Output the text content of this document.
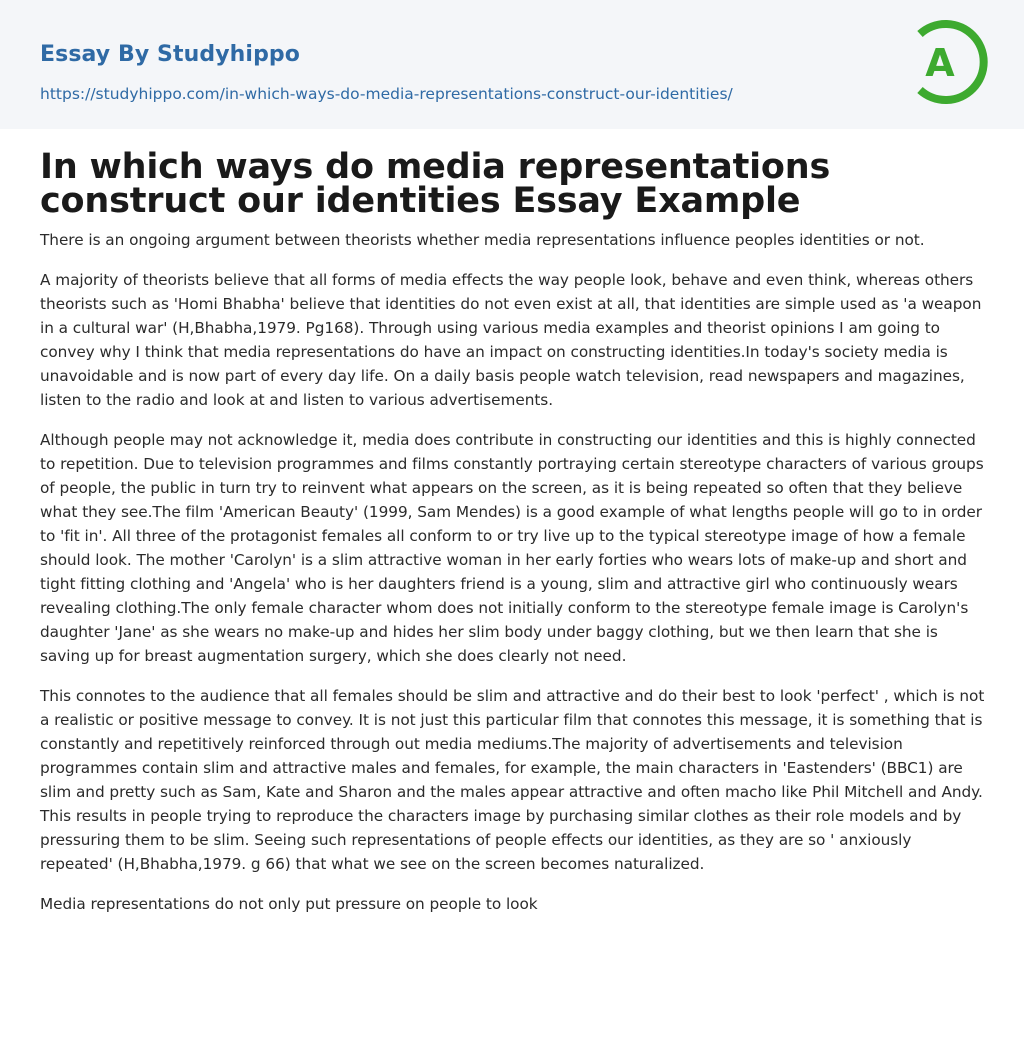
Essay By Studyhippo
https://studyhippo.com/in-which-ways-do-media-representations-construct-our-identities/
A
In which ways do media representations construct our identities Essay Example

There is an ongoing argument between theorists whether media representations influence peoples identities or not.

A majority of theorists believe that all forms of media effects the way people look, behave and even think, whereas others theorists such as 'Homi Bhabha' believe that identities do not even exist at all, that identities are simple used as 'a weapon in a cultural war' (H,Bhabha,1979. Pg168). Through using various media examples and theorist opinions I am going to convey why I think that media representations do have an impact on constructing identities.In today's society media is unavoidable and is now part of every day life. On a daily basis people watch television, read newspapers and magazines, listen to the radio and look at and listen to various advertisements.

Although people may not acknowledge it, media does contribute in constructing our identities and this is highly connected to repetition. Due to television programmes and films constantly portraying certain stereotype characters of various groups of people, the public in turn try to reinvent what appears on the screen, as it is being repeated so often that they believe what they see.The film 'American Beauty' (1999, Sam Mendes) is a good example of what lengths people will go to in order to 'fit in'. All three of the protagonist females all conform to or try live up to the typical stereotype image of how a female should look. The mother 'Carolyn' is a slim attractive woman in her early forties who wears lots of make-up and short and tight fitting clothing and 'Angela' who is her daughters friend is a young, slim and attractive girl who continuously wears revealing clothing.The only female character whom does not initially conform to the stereotype female image is Carolyn's daughter 'Jane' as she wears no make-up and hides her slim body under baggy clothing, but we then learn that she is saving up for breast augmentation surgery, which she does clearly not need.

This connotes to the audience that all females should be slim and attractive and do their best to look 'perfect' , which is not a realistic or positive message to convey. It is not just this particular film that connotes this message, it is something that is constantly and repetitively reinforced through out media mediums.The majority of advertisements and television programmes contain slim and attractive males and females, for example, the main characters in 'Eastenders' (BBC1) are slim and pretty such as Sam, Kate and Sharon and the males appear attractive and often macho like Phil Mitchell and Andy. This results in people trying to reproduce the characters image by purchasing similar clothes as their role models and by pressuring them to be slim. Seeing such representations of people effects our identities, as they are so ' anxiously repeated' (H,Bhabha,1979. g 66) that what we see on the screen becomes naturalized.

Media representations do not only put pressure on people to look
